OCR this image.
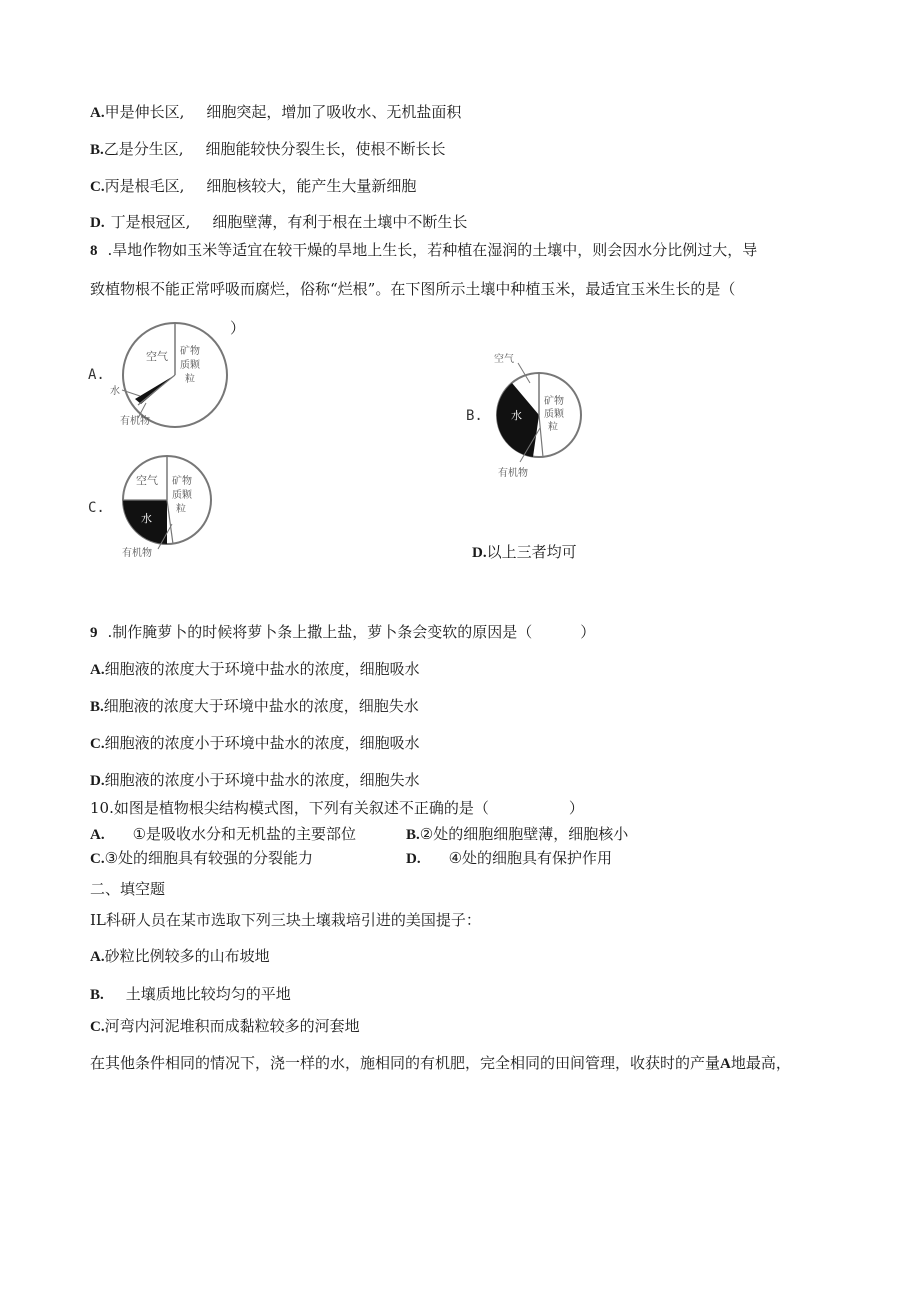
A.甲是伸长区, 细胞突起，增加了吸收水、无机盐面积
B.乙是分生区, 细胞能较快分裂生长，使根不断长长
C.丙是根毛区, 细胞核较大，能产生大量新细胞
D. 丁是根冠区, 细胞壁薄，有利于根在土壤中不断生长
8 .旱地作物如玉米等适宜在较干燥的旱地上生长，若种植在湿润的土壤中，则会因水分比例过大，导
致植物根不能正常呼吸而腐烂，俗称“烂根”。在下图所示土壤中种植玉米，最适宜玉米生长的是（
）
A.
空气 矿物
质颗
粒
水
有机物	B.
空气
水
矿物
质颗
粒
有机物
C.
空气
水
矿物
质颗
粒
有机物	D.以上三者均可
9 .制作腌萝卜的时候将萝卜条上撒上盐，萝卜条会变软的原因是（	）
A.细胞液的浓度大于环境中盐水的浓度，细胞吸水
B.细胞液的浓度大于环境中盐水的浓度，细胞失水
C.细胞液的浓度小于环境中盐水的浓度，细胞吸水
D.细胞液的浓度小于环境中盐水的浓度，细胞失水
10.如图是植物根尖结构模式图，下列有关叙述不正确的是（	）
A. ①是吸收水分和无机盐的主要部位	B.②处的细胞细胞壁薄，细胞核小
C.③处的细胞具有较强的分裂能力	D. ④处的细胞具有保护作用
二、填空题
IL科研人员在某市选取下列三块土壤栽培引进的美国提子：
A.砂粒比例较多的山布坡地
B. 土壤质地比较均匀的平地
C.河弯内河泥堆积而成黏粒较多的河套地
在其他条件相同的情况下，浇一样的水，施相同的有机肥，完全相同的田间管理，收获时的产量A地最高，
